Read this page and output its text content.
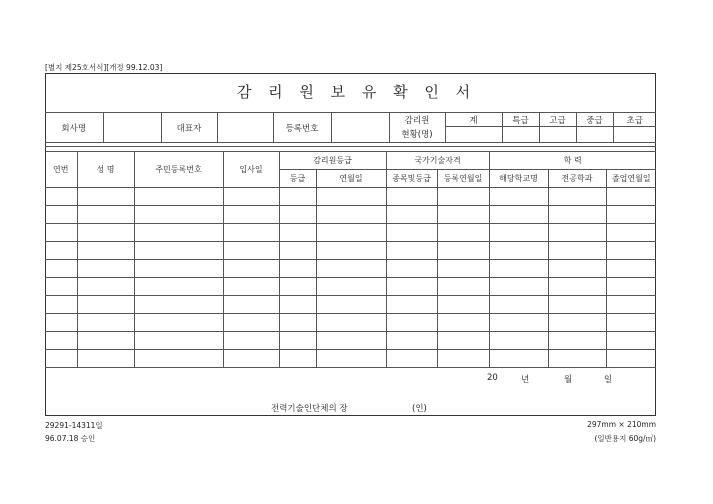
[별지 제25호서식][개정 99.12.03]
감 리 원 보 유 확 인 서
회사명		대표자		등록번호		감리원	계	특급	고급	중급	초급
						현황(명)					
연번	성 명	주민등록번호	입사일	감리원등급		국가기술자격		학 력		
				등급	연월일	종목및등급	등록연월일	해당학교명	전공학과	졸업연월일

20	년	월	일
전력기술인단체의 장	(인)
29291-14311일
96.07.18 승인
297mm × 210mm
(일반용지 60g/㎡)
